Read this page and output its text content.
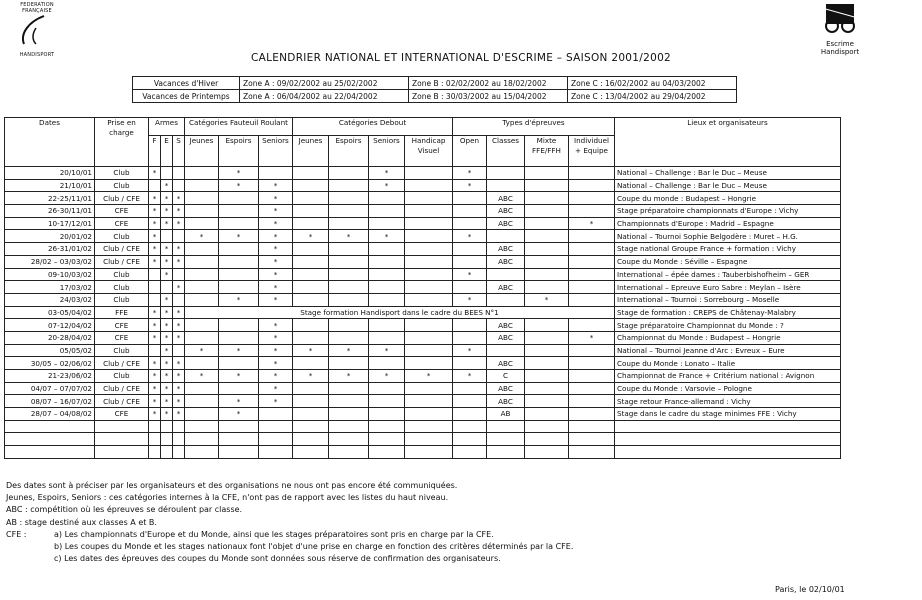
FEDERATION
FRANÇAISE
HANDISPORT
Escrime Handisport
CALENDRIER NATIONAL ET INTERNATIONAL D'ESCRIME – SAISON 2001/2002
Vacances d'Hiver	Zone A : 09/02/2002 au 25/02/2002	Zone B : 02/02/2002 au 18/02/2002	Zone C : 16/02/2002 au 04/03/2002
Vacances de Printemps	Zone A : 06/04/2002 au 22/04/2002	Zone B : 30/03/2002 au 15/04/2002	Zone C : 13/04/2002 au 29/04/2002
Dates	Prise en charge	Armes			Catégories Fauteuil Roulant			Catégories Debout				Types d'épreuves				Lieux et organisateurs
		F	E	S	Jeunes	Espoirs	Seniors	Jeunes	Espoirs	Seniors	Handicap Visuel	Open	Classes	Mixte FFE/FFH	Individuel + Equipe	
20/10/01	Club	*				*				*		*				National – Challenge : Bar le Duc – Meuse
21/10/01	Club		*			*	*			*		*				National – Challenge : Bar le Duc – Meuse
22-25/11/01	Club / CFE	*	*	*			*						ABC			Coupe du monde : Budapest – Hongrie
26-30/11/01	CFE	*	*	*			*						ABC			Stage préparatoire championnats d'Europe : Vichy
10-17/12/01	CFE	*	*	*			*						ABC		*	Championnats d'Europe : Madrid – Espagne
20/01/02	Club	*			*	*	*	*	*	*		*				National – Tournoi Sophie Belgodère : Muret – H.G.
26-31/01/02	Club / CFE	*	*	*			*						ABC			Stage national Groupe France + formation : Vichy
28/02 – 03/03/02	Club / CFE	*	*	*			*						ABC			Coupe du Monde : Séville – Espagne
09-10/03/02	Club		*				*					*				International – épée dames : Tauberbishofheim – GER
17/03/02	Club			*			*						ABC			International – Epreuve Euro Sabre : Meylan – Isère
24/03/02	Club		*			*	*					*		*		International – Tournoi : Sorrebourg – Moselle
03-05/04/02	FFE	*	*	*	Stage formation Handisport dans le cadre du BEES N°1											Stage de formation : CREPS de Châtenay-Malabry
07-12/04/02	CFE	*	*	*			*						ABC			Stage préparatoire Championnat du Monde : ?
20-28/04/02	CFE	*	*	*			*						ABC		*	Championnat du Monde : Budapest – Hongrie
05/05/02	Club		*		*	*	*	*	*	*		*				National – Tournoi Jeanne d'Arc : Evreux – Eure
30/05 – 02/06/02	Club / CFE	*	*	*			*						ABC			Coupe du Monde : Lonato – Italie
21-23/06/02	Club	*	*	*	*	*	*	*	*	*	*	*	C			Championnat de France + Critérium national : Avignon
04/07 – 07/07/02	Club / CFE	*	*	*			*						ABC			Coupe du Monde : Varsovie – Pologne
08/07 – 16/07/02	Club / CFE	*	*	*		*	*						ABC			Stage retour France-allemand : Vichy
28/07 – 04/08/02	CFE	*	*	*		*							AB			Stage dans le cadre du stage minimes FFE : Vichy

Des dates sont à préciser par les organisateurs et des organisations ne nous ont pas encore été communiquées.
Jeunes, Espoirs, Seniors : ces catégories internes à la CFE, n'ont pas de rapport avec les listes du haut niveau.
ABC : compétition où les épreuves se déroulent par classe.
AB : stage destiné aux classes A et B.
CFE :	a) Les championnats d'Europe et du Monde, ainsi que les stages préparatoires sont pris en charge par la CFE.
b) Les coupes du Monde et les stages nationaux font l'objet d'une prise en charge en fonction des critères déterminés par la CFE.
c) Les dates des épreuves des coupes du Monde sont données sous réserve de confirmation des organisateurs.
Paris, le 02/10/01
